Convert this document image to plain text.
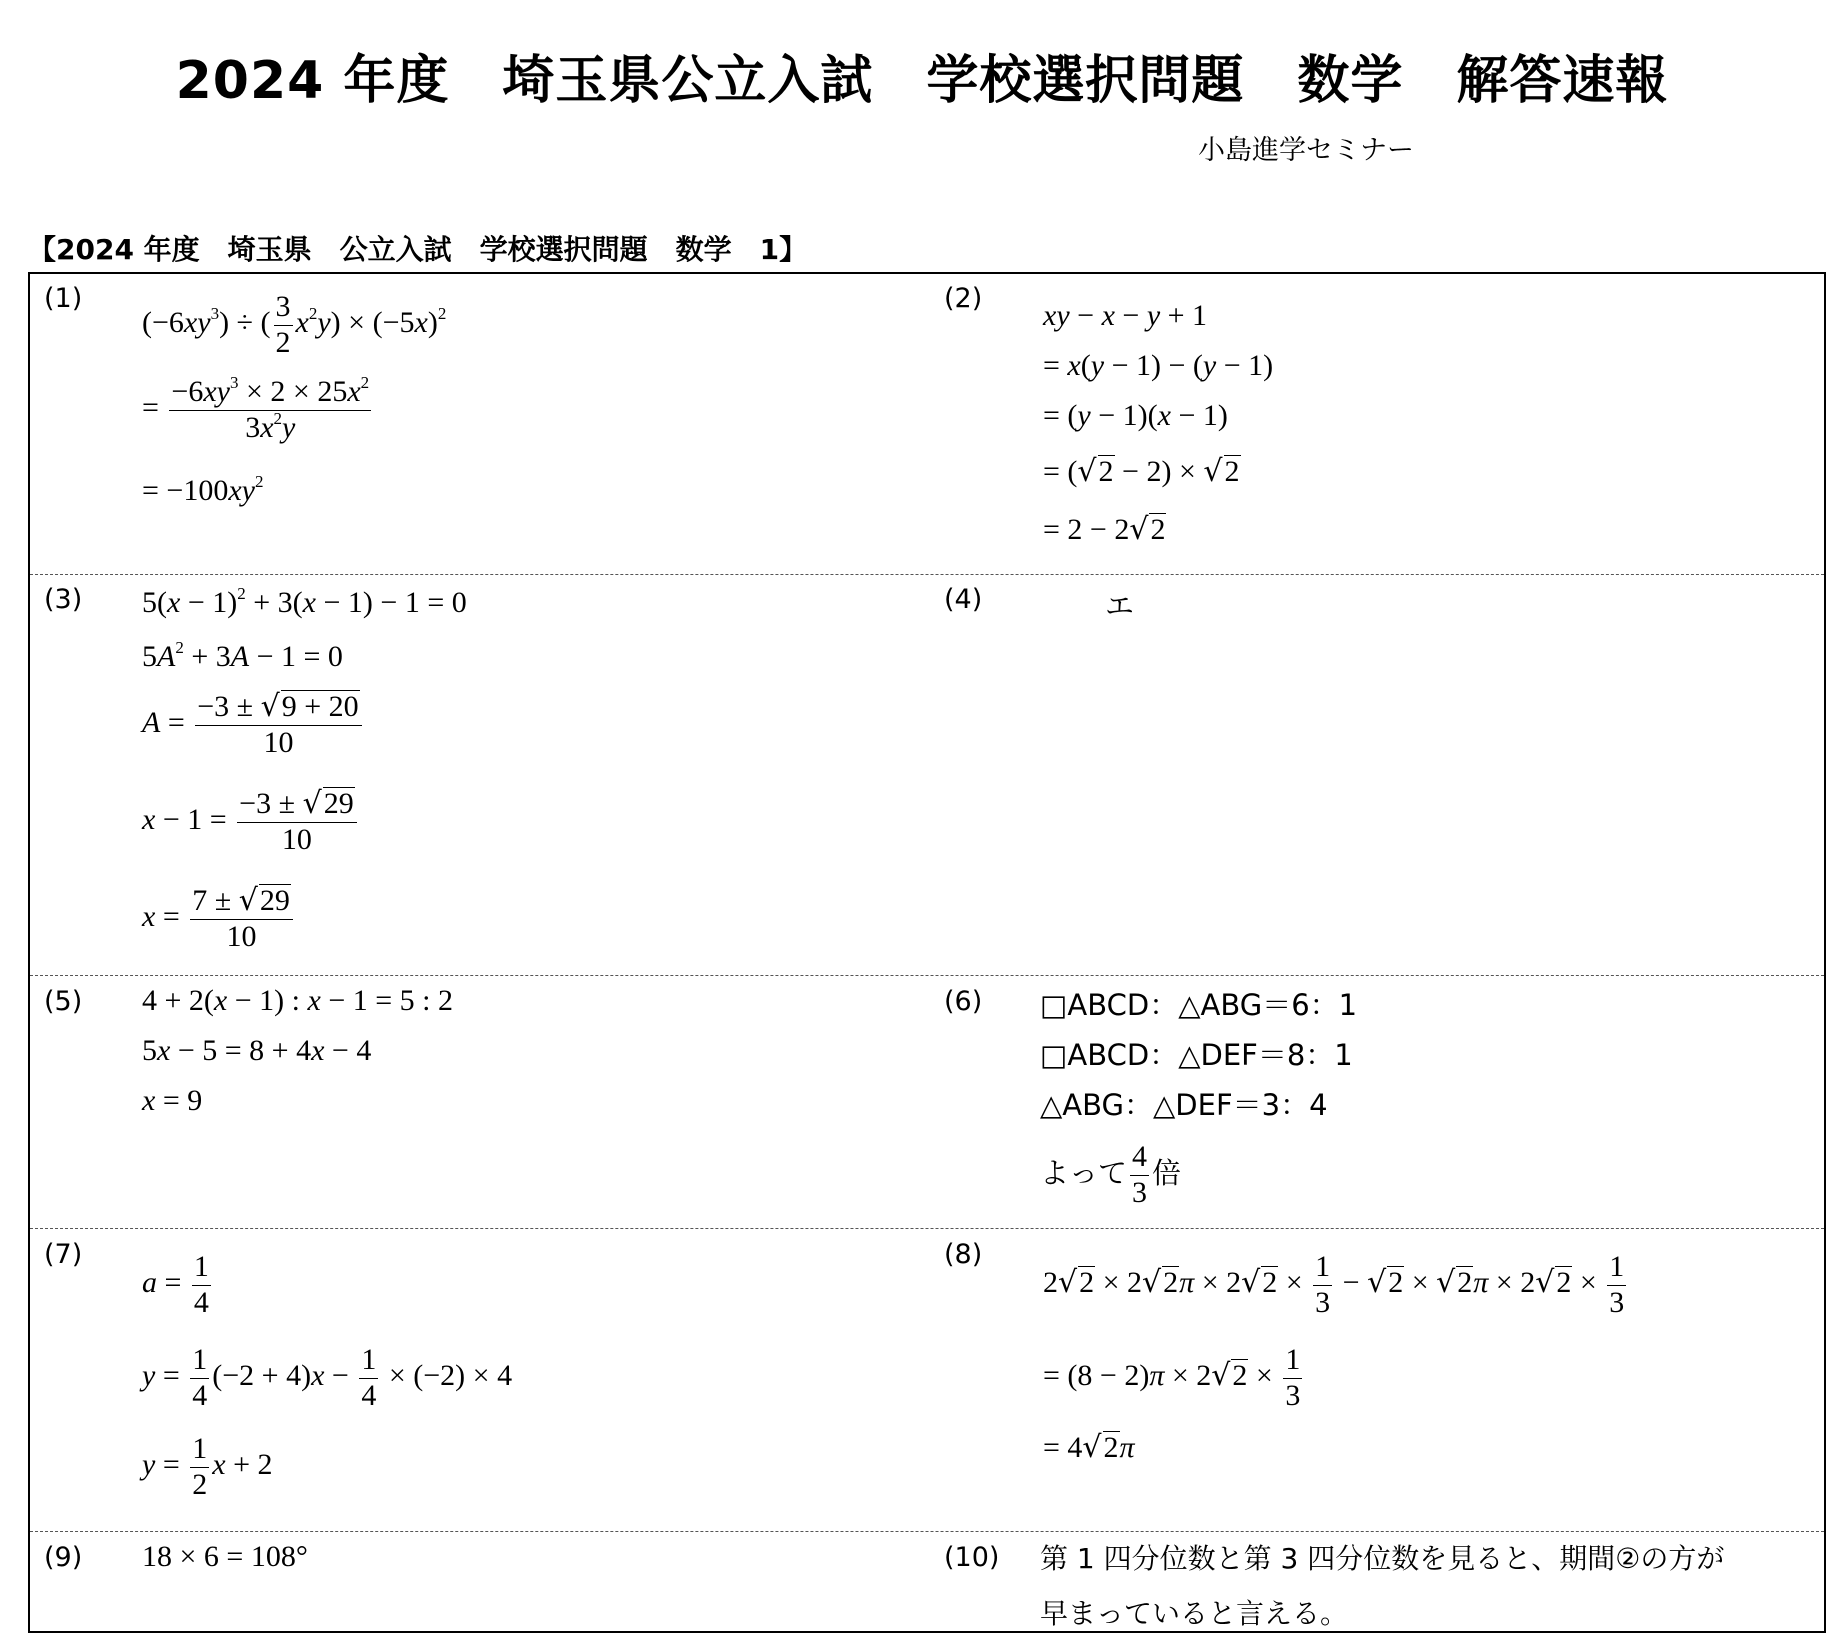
2024 年度　埼玉県公立入試　学校選択問題　数学　解答速報
小島進学セミナー
【2024 年度　埼玉県　公立入試　学校選択問題　数学　1】
(1)
$(-6xy^3)$ ÷ ( $\frac{3}{2} x^2y) \times (-5x)^2$
= $\frac{-6xy^3 \times 2 \times 25x^2}{3x^2y}$
= $-100xy^2$
(2)
xy − x − y + 1
= x(y − 1) − (y − 1)
= (y − 1)(x − 1)
= (√2 − 2) × √2
= 2 − 2√2
(3) $5(x - 1)^2 + 3(x - 1) - 1 = 0$
$5A^2 + 3A - 1 = 0$
$A = \frac{-3 \pm √9 + 20}{10}$
$x - 1 = \frac{-3 \pm √29}{10}$
$x = \frac{7 \pm √29}{10}$
(4)	エ
(5) 4 + 2(x − 1) : x − 1 = 5 : 2
5x − 5 = 8 + 4x − 4
x = 9
(6) □ABCD：△ABG＝6：1
□ABCD：△DEF＝8：1
△ABG：△DEF＝3：4
よって $\frac{4}{3}$ 倍
(7)
$a = \frac{1}{4}$
$y = \frac{1}{4} (-2 + 4)x - \frac{1}{4} \times (-2) \times 4$
$y = \frac{1}{2}$ x + 2
(8)
$2√2 \times 2√2\pi \times 2√2 \times \frac{1}{3} - √2 \times √2\pi \times 2√2 \times \frac{1}{3}$
= $(8 - 2)\pi \times 2√2 \times \frac{1}{3}$
= 4√2π
(9) 18 × 6 = 108°	(10) 第 1 四分位数と第 3 四分位数を見ると、期間②の方が早まっていると言える。
